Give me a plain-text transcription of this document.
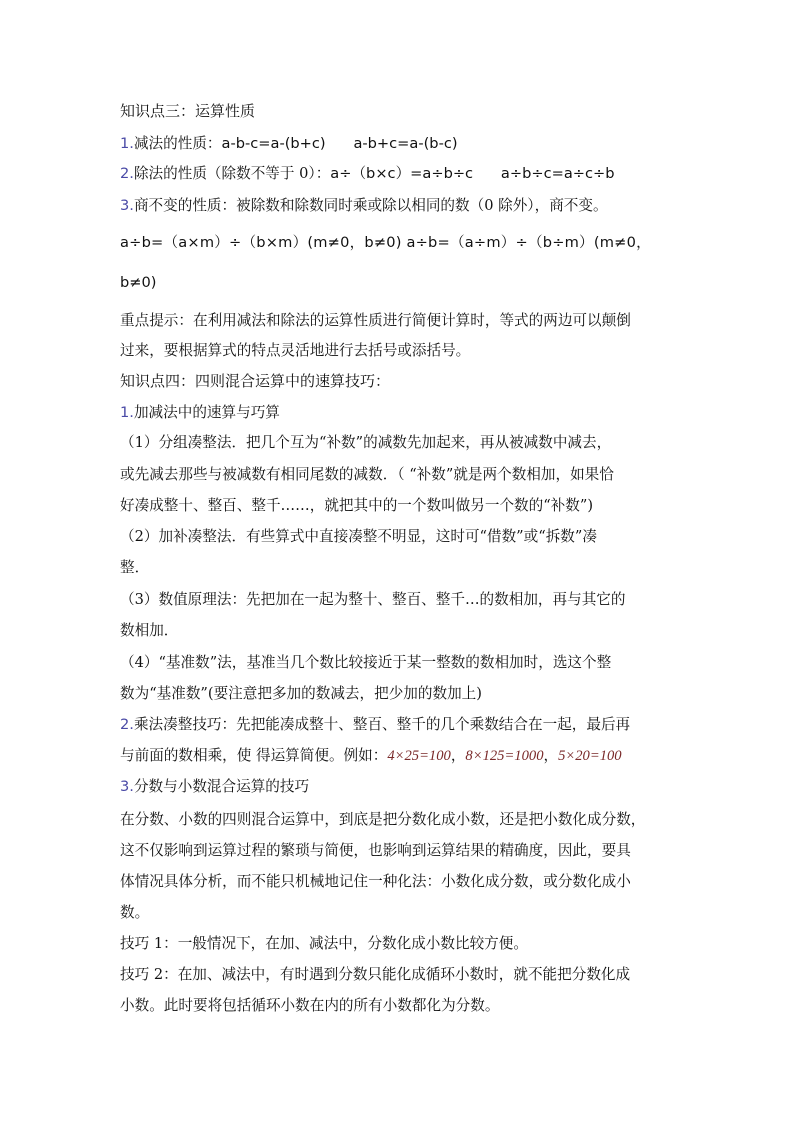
知识点三：运算性质
1.减法的性质：a-b-c=a-(b+c)      a-b+c=a-(b-c)
2.除法的性质（除数不等于 0）：a÷（b×c）=a÷b÷c      a÷b÷c=a÷c÷b
3.商不变的性质：被除数和除数同时乘或除以相同的数（0 除外），商不变。
a÷b=（a×m）÷（b×m）(m≠0，b≠0) a÷b=（a÷m）÷（b÷m）(m≠0，
b≠0)
重点提示：在利用减法和除法的运算性质进行简便计算时，等式的两边可以颠倒
过来，要根据算式的特点灵活地进行去括号或添括号。
知识点四：四则混合运算中的速算技巧：
1.加减法中的速算与巧算
（1）分组凑整法．把几个互为“补数”的减数先加起来，再从被减数中减去，
或先减去那些与被减数有相同尾数的减数．（ “补数”就是两个数相加，如果恰
好凑成整十、整百、整千……，就把其中的一个数叫做另一个数的“补数”)
（2）加补凑整法．有些算式中直接凑整不明显，这时可“借数”或“拆数”凑
整．
（3）数值原理法：先把加在一起为整十、整百、整千…的数相加，再与其它的
数相加．
（4）“基准数”法，基准当几个数比较接近于某一整数的数相加时，选这个整
数为“基准数”(要注意把多加的数减去，把少加的数加上)
2.乘法凑整技巧：先把能凑成整十、整百、整千的几个乘数结合在一起，最后再
与前面的数相乘，使 得运算简便。例如：4×25=100，8×125=1000，5×20=100
3.分数与小数混合运算的技巧
在分数、小数的四则混合运算中，到底是把分数化成小数，还是把小数化成分数，
这不仅影响到运算过程的繁琐与简便，也影响到运算结果的精确度，因此，要具
体情况具体分析，而不能只机械地记住一种化法：小数化成分数，或分数化成小
数。
技巧 1：一般情况下，在加、减法中，分数化成小数比较方便。
技巧 2：在加、减法中，有时遇到分数只能化成循环小数时，就不能把分数化成
小数。此时要将包括循环小数在内的所有小数都化为分数。
